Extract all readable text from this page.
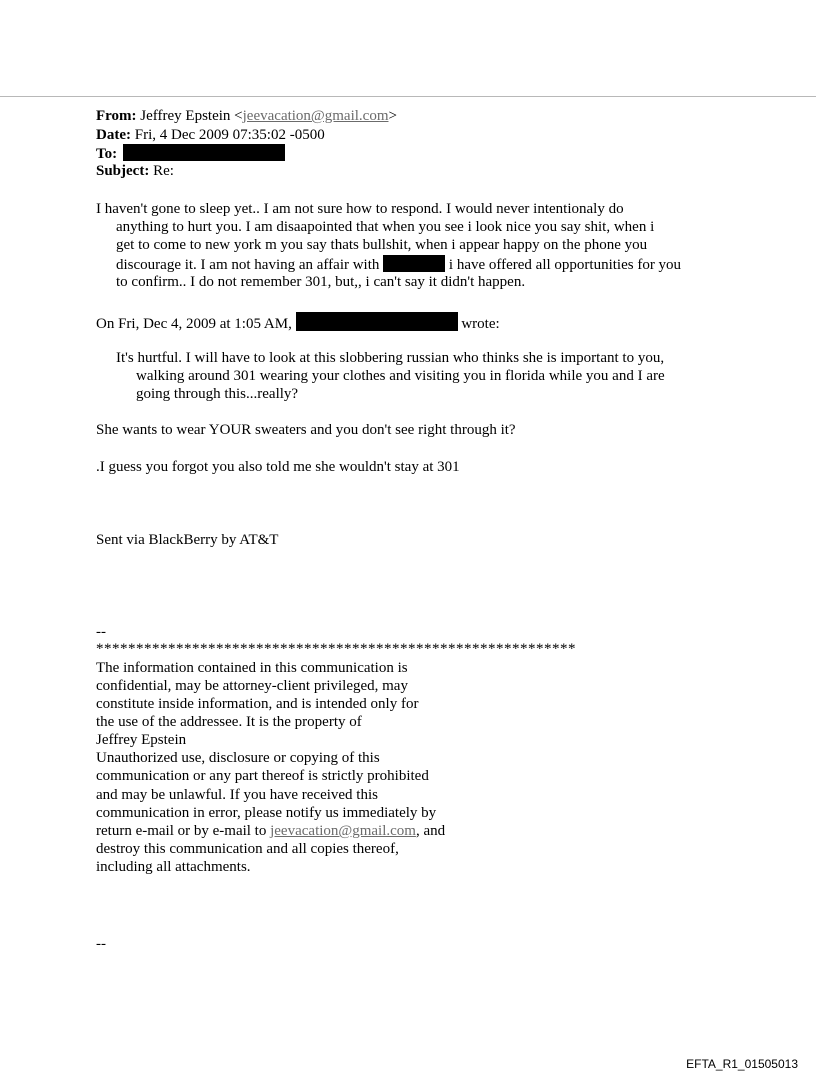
From: Jeffrey Epstein <jeevacation@gmail.com>
Date: Fri, 4 Dec 2009 07:35:02 -0500
To:
Subject: Re:
I haven't gone to sleep yet.. I am not sure how to respond. I would never intentionaly do
anything to hurt you. I am disaapointed that when you see i look nice you say shit, when i
get to come to new york m you say thats bullshit, when i appear happy on the phone you
discourage it. I am not having an affair with	i have offered all opportunities for you
to confirm.. I do not remember 301, but,, i can't say it didn't happen.
On Fri, Dec 4, 2009 at 1:05 AM,	wrote:
It's hurtful. I will have to look at this slobbering russian who thinks she is important to you,
walking around 301 wearing your clothes and visiting you in florida while you and I are
going through this...really?
She wants to wear YOUR sweaters and you don't see right through it?
.I guess you forgot you also told me she wouldn't stay at 301
Sent via BlackBerry by AT&T
--
************************************************************
The information contained in this communication is
confidential, may be attorney-client privileged, may
constitute inside information, and is intended only for
the use of the addressee. It is the property of
Jeffrey Epstein
Unauthorized use, disclosure or copying of this
communication or any part thereof is strictly prohibited
and may be unlawful. If you have received this
communication in error, please notify us immediately by
return e-mail or by e-mail to jeevacation@gmail.com, and
destroy this communication and all copies thereof,
including all attachments.
--
EFTA_R1_01505013
